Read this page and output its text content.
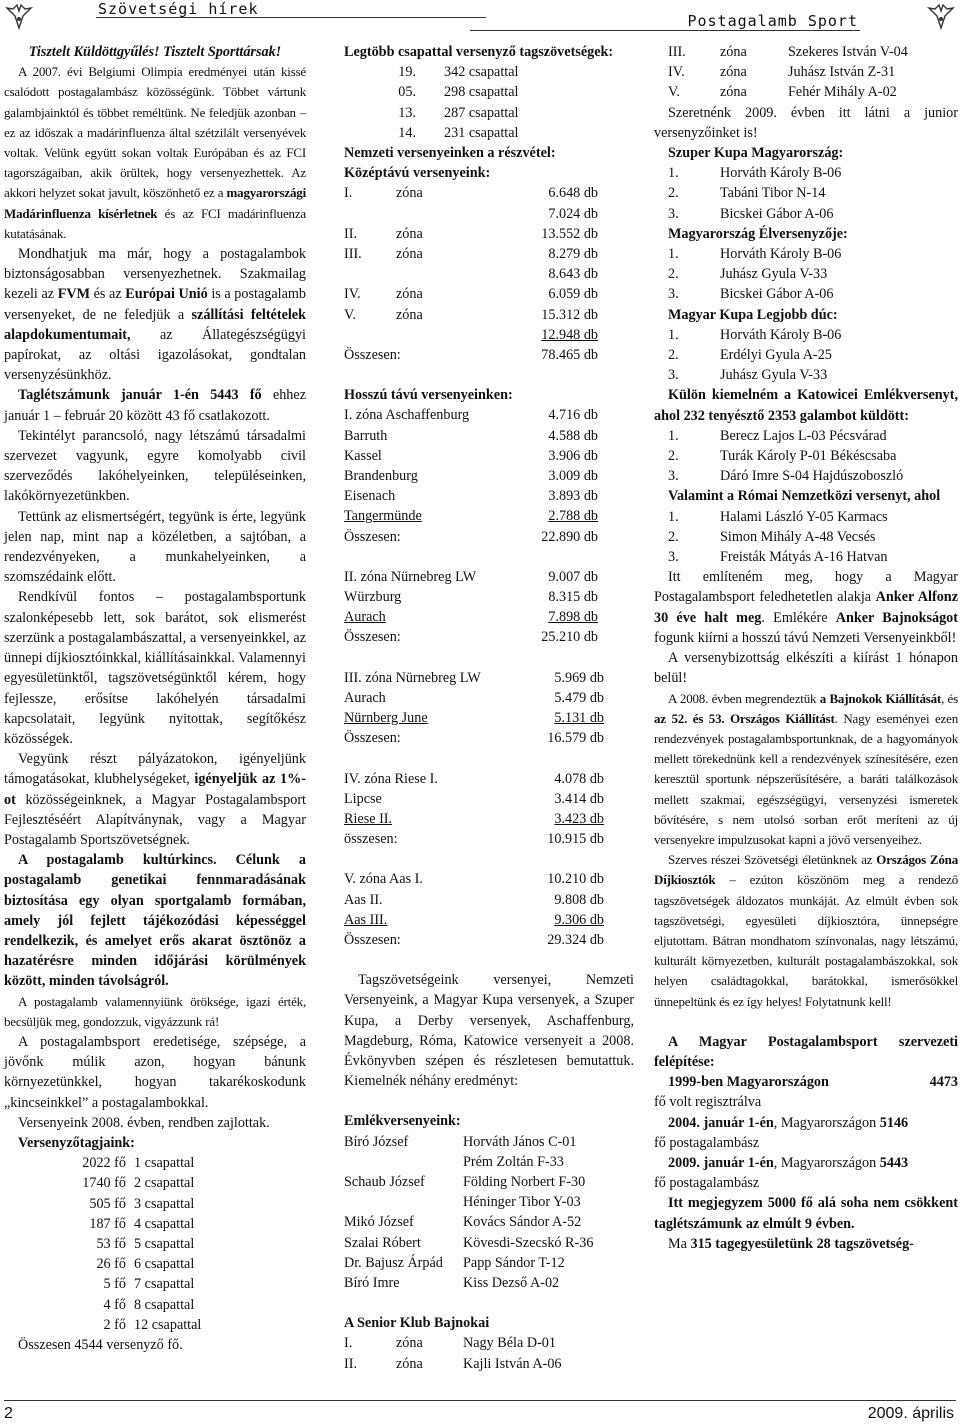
Szövetségi hírek
Postagalamb Sport

Tisztelt Küldöttgyűlés! Tisztelt Sporttársak!

A 2007. évi Belgiumi Olimpia eredményei után kissé csalódott postagalambász közösségünk. Többet vártunk galambjainktól és többet reméltünk. Ne feledjük azonban – ez az időszak a madárinfluenza által szétzilált versenyévek voltak. Velünk együtt sokan voltak Európában és az FCI tagországaiban, akik örültek, hogy versenyezhettek. Az akkori helyzet sokat javult, köszönhető ez a magyarországi Madárinfluenza kísérletnek és az FCI madárinfluenza kutatásának.

Mondhatjuk ma már, hogy a postagalambok biztonságosabban versenyezhetnek. Szakmailag kezeli az FVM és az Európai Unió is a postagalamb versenyeket, de ne feledjük a szállítási feltételek alapdokumentumait, az Állategészségügyi papírokat, az oltási igazolásokat, gondtalan versenyzésünkhöz.

Taglétszámunk január 1-én 5443 fő ehhez január 1 – február 20 között 43 fő csatlakozott.

Tekintélyt parancsoló, nagy létszámú társadalmi szervezet vagyunk, egyre komolyabb civil szerveződés lakóhelyeinken, településeinken, lakókörnyezetünkben.

Tettünk az elismertségért, tegyünk is érte, legyünk jelen nap, mint nap a közéletben, a sajtóban, a rendezvényeken, a munkahelyeinken, a szomszédaink előtt.

Rendkívül fontos – postagalambsportunk szalonképesebb lett, sok barátot, sok elismerést szerzünk a postagalambászattal, a versenyeinkkel, az ünnepi díjkiosztóinkkal, kiállításainkkal. Valamennyi egyesületünktől, tagszövetségünktől kérem, hogy fejlessze, erősítse lakóhelyén társadalmi kapcsolatait, legyünk nyitottak, segítőkész közösségek.

Vegyünk részt pályázatokon, igényeljünk támogatásokat, klubhelységeket, igényeljük az 1%-ot közösségeinknek, a Magyar Postagalambsport Fejlesztéséért Alapítványnak, vagy a Magyar Postagalamb Sportszövetségnek.

A postagalamb kultúrkincs. Célunk a postagalamb genetikai fennmaradásának biztosítása egy olyan sportgalamb formában, amely jól fejlett tájékozódási képességgel rendelkezik, és amelyet erős akarat ösztönöz a hazatérésre minden időjárási körülmények között, minden távolságról.

A postagalamb valamennyiünk öröksége, igazi érték, becsüljük meg, gondozzuk, vigyázzunk rá!

A postagalambsport eredetisége, szépsége, a jövőnk múlik azon, hogyan bánunk környezetünkkel, hogyan takarékoskodunk „kincseinkkel” a postagalambokkal.

Versenyeink 2008. évben, rendben zajlottak.

Versenyzőtagjaink:

2022 fő 1 csapattal
1740 fő 2 csapattal
505 fő 3 csapattal
187 fő 4 csapattal
53 fő 5 csapattal
26 fő 6 csapattal
5 fő 7 csapattal
4 fő 8 csapattal
2 fő 12 csapattal

Összesen 4544 versenyző fő.

Legtöbb csapattal versenyző tagszövetségek:

19. 342 csapattal
05. 298 csapattal
13. 287 csapattal
14. 231 csapattal

Nemzeti versenyeinken a részvétel:

Középtávú versenyeink:

I.	zóna	6.648 db
7.024 db
II.	zóna	13.552 db
III.	zóna	8.279 db
8.643 db
IV.	zóna	6.059 db
V.	zóna	15.312 db
12.948 db
Összesen:	78.465 db

Hosszú távú versenyeinken:

I. zóna Aschaffenburg	4.716 db
Barruth	4.588 db
Kassel	3.906 db
Brandenburg	3.009 db
Eisenach	3.893 db
Tangermünde	2.788 db
Összesen:	22.890 db
II. zóna Nürnebreg LW	9.007 db
Würzburg	8.315 db
Aurach	7.898 db
Összesen:	25.210 db
III. zóna Nürnebreg LW	5.969 db
Aurach	5.479 db
Nürnberg June	5.131 db
Összesen:	16.579 db
IV. zóna Riese I.	4.078 db
Lipcse	3.414 db
Riese II.	3.423 db
összesen:	10.915 db
V. zóna Aas I.	10.210 db
Aas II.	9.808 db
Aas III.	9.306 db
Összesen:	29.324 db

Tagszövetségeink versenyei, Nemzeti Versenyeink, a Magyar Kupa versenyek, a Szuper Kupa, a Derby versenyek, Aschaffenburg, Magdeburg, Róma, Katowice versenyeit a 2008. Évkönyvben szépen és részletesen bemutattuk. Kiemelnék néhány eredményt:

Emlékversenyeink:

Bíró József	Horváth János C-01
Prém Zoltán F-33
Schaub József	Földing Norbert F-30
Héninger Tibor Y-03
Mikó József	Kovács Sándor A-52
Szalai Róbert	Kövesdi-Szecskó R-36
Dr. Bajusz Árpád	Papp Sándor T-12
Bíró Imre	Kiss Dezső A-02

A Senior Klub Bajnokai

I.	zóna	Nagy Béla D-01
II.	zóna	Kajli István A-06
III.	zóna	Szekeres István V-04
IV.	zóna	Juhász István Z-31
V.	zóna	Fehér Mihály A-02

Szeretnénk 2009. évben itt látni a junior versenyzőinket is!

Szuper Kupa Magyarország:

1.	Horváth Károly B-06
2.	Tabáni Tibor N-14
3.	Bicskei Gábor A-06

Magyarország Élversenyzője:

1.	Horváth Károly B-06
2.	Juhász Gyula V-33
3.	Bicskei Gábor A-06

Magyar Kupa Legjobb dúc:

1.	Horváth Károly B-06
2.	Erdélyi Gyula A-25
3.	Juhász Gyula V-33

Külön kiemelném a Katowicei Emlékversenyt, ahol 232 tenyésztő 2353 galambot küldött:

1.	Berecz Lajos L-03 Pécsvárad
2.	Turák Károly P-01 Békéscsaba
3.	Dáró Imre S-04 Hajdúszoboszló

Valamint a Római Nemzetközi versenyt, ahol

1.	Halami László Y-05 Karmacs
2.	Simon Mihály A-48 Vecsés
3.	Freisták Mátyás A-16 Hatvan

Itt említeném meg, hogy a Magyar Postagalambsport feledhetetlen alakja Anker Alfonz 30 éve halt meg. Emlékére Anker Bajnokságot fogunk kiírni a hosszú távú Nemzeti Versenyeinkből!

A versenybizottság elkészíti a kiírást 1 hónapon belül!

A 2008. évben megrendeztük a Bajnokok Kiállítását, és az 52. és 53. Országos Kiállítást. Nagy eseményei ezen rendezvények postagalambsportunknak, de a hagyományok mellett törekednünk kell a rendezvények színesítésére, ezen keresztül sportunk népszerűsítésére, a baráti találkozások mellett szakmai, egészségügyi, versenyzési ismeretek bővítésére, s nem utolsó sorban erőt meríteni az új versenyekre impulzusokat kapni a jövő versenyeihez.

Szerves részei Szövetségi életünknek az Országos Zóna Díjkiosztók – ezúton köszönöm meg a rendező tagszövetségek áldozatos munkáját. Az elmúlt évben sok tagszövetségi, egyesületi díjkiosztóra, ünnepségre eljutottam. Bátran mondhatom színvonalas, nagy létszámú, kulturált környezetben, kulturált postagalambászokkal, sok helyen családtagokkal, barátokkal, ismerősökkel ünnepeltünk és ez így helyes! Folytatnunk kell!

A Magyar Postagalambsport szervezeti felépítése:

1999-ben Magyarországon	4473

fő volt regisztrálva

2004. január 1-én, Magyarországon 5146
fő postagalambász

2009. január 1-én, Magyarországon 5443
fő postagalambász

Itt megjegyzem 5000 fő alá soha nem csökkent taglétszámunk az elmúlt 9 évben.

Ma 315 tagegyesületünk 28 tagszövetség-

2	2009. április
